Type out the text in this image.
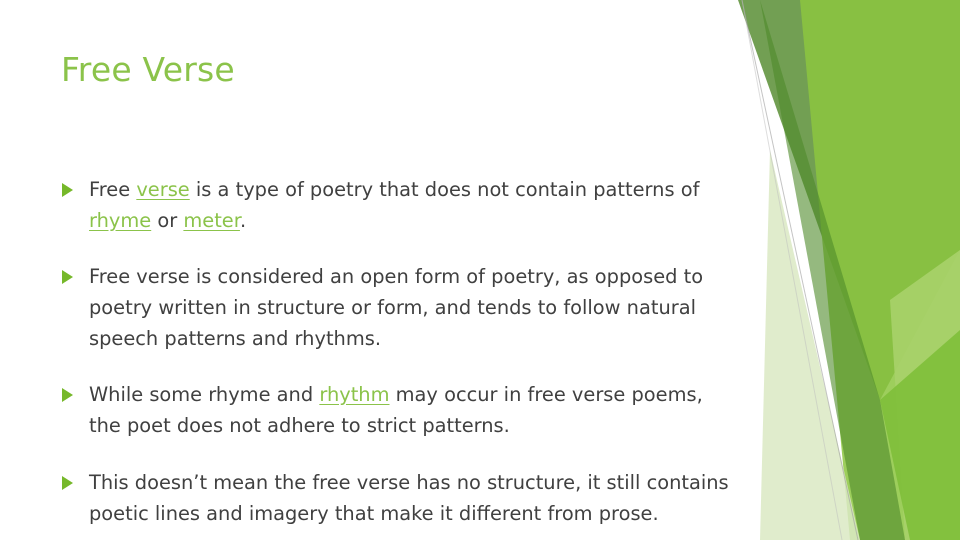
Free Verse
Free verse is a type of poetry that does not contain patterns of rhyme or meter.
Free verse is considered an open form of poetry, as opposed to poetry written in structure or form, and tends to follow natural speech patterns and rhythms.
While some rhyme and rhythm may occur in free verse poems, the poet does not adhere to strict patterns.
This doesn’t mean the free verse has no structure, it still contains poetic lines and imagery that make it different from prose.
